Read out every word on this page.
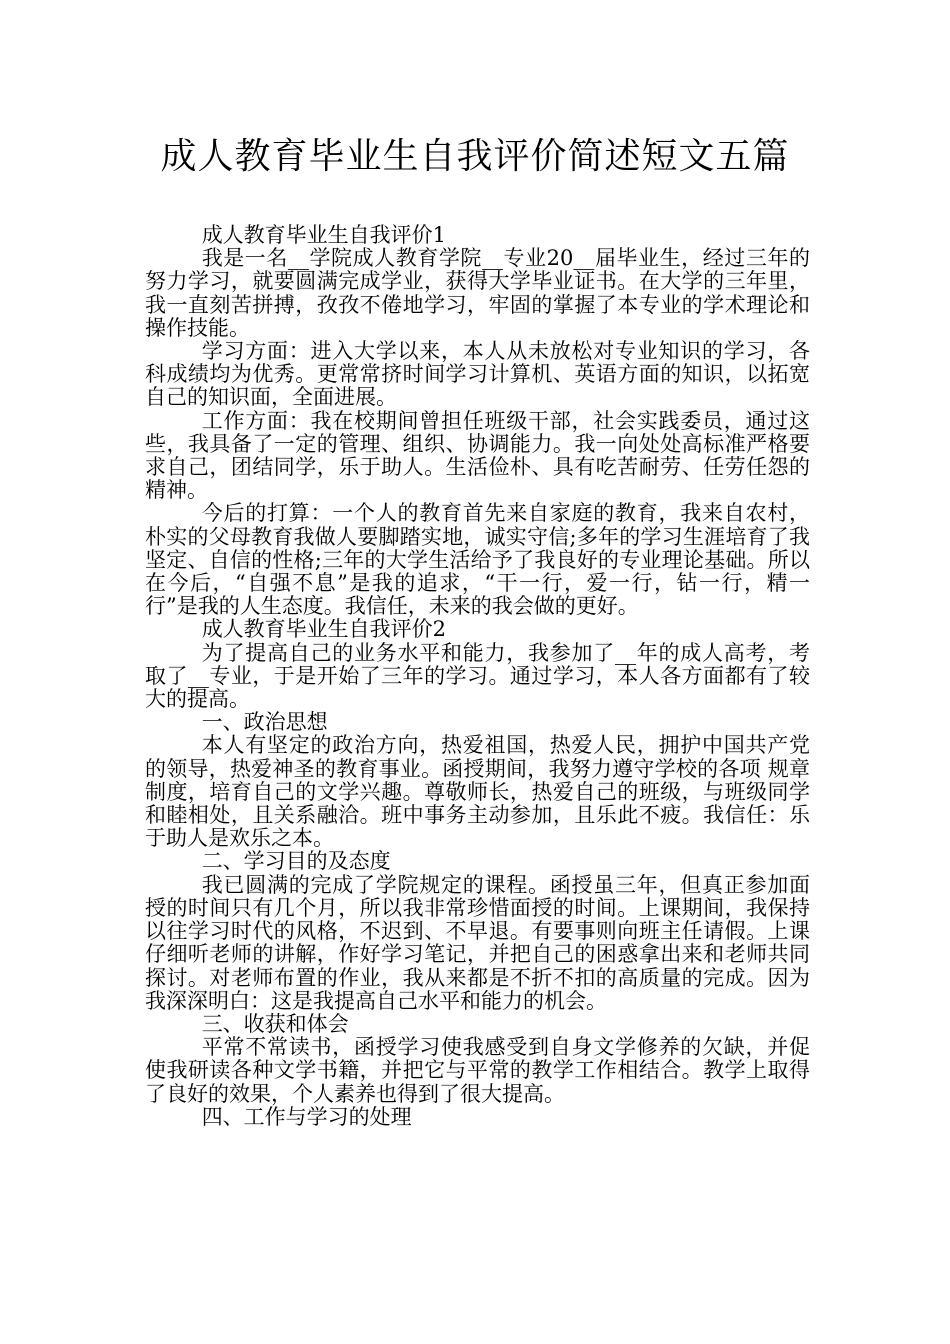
成人教育毕业生自我评价简述短文五篇

成人教育毕业生自我评价1

我是一名__学院成人教育学院__专业20__届毕业生，经过三年的努力学习，就要圆满完成学业，获得大学毕业证书。在大学的三年里，我一直刻苦拼搏，孜孜不倦地学习，牢固的掌握了本专业的学术理论和操作技能。

学习方面：进入大学以来，本人从未放松对专业知识的学习，各科成绩均为优秀。更常常挤时间学习计算机、英语方面的知识，以拓宽自己的知识面，全面进展。

工作方面：我在校期间曾担任班级干部，社会实践委员，通过这些，我具备了一定的管理、组织、协调能力。我一向处处高标准严格要求自己，团结同学，乐于助人。生活俭朴、具有吃苦耐劳、任劳任怨的精神。

今后的打算：一个人的教育首先来自家庭的教育，我来自农村，朴实的父母教育我做人要脚踏实地，诚实守信;多年的学习生涯培育了我坚定、自信的性格;三年的大学生活给予了我良好的专业理论基础。所以在今后，“自强不息”是我的追求，“干一行，爱一行，钻一行，精一行”是我的人生态度。我信任，未来的我会做的更好。

成人教育毕业生自我评价2

为了提高自己的业务水平和能力，我参加了__年的成人高考，考取了__专业，于是开始了三年的学习。通过学习，本人各方面都有了较大的提高。

一、政治思想

本人有坚定的政治方向，热爱祖国，热爱人民，拥护中国共产党的领导，热爱神圣的教育事业。函授期间，我努力遵守学校的各项 规章制度，培育自己的文学兴趣。尊敬师长，热爱自己的班级，与班级同学和睦相处，且关系融洽。班中事务主动参加，且乐此不疲。我信任：乐于助人是欢乐之本。

二、学习目的及态度

我已圆满的完成了学院规定的课程。函授虽三年，但真正参加面授的时间只有几个月，所以我非常珍惜面授的时间。上课期间，我保持以往学习时代的风格，不迟到、不早退。有要事则向班主任请假。上课仔细听老师的讲解，作好学习笔记，并把自己的困惑拿出来和老师共同探讨。对老师布置的作业，我从来都是不折不扣的高质量的完成。因为我深深明白：这是我提高自己水平和能力的机会。

三、收获和体会

平常不常读书，函授学习使我感受到自身文学修养的欠缺，并促使我研读各种文学书籍，并把它与平常的教学工作相结合。教学上取得了良好的效果，个人素养也得到了很大提高。

四、工作与学习的处理
